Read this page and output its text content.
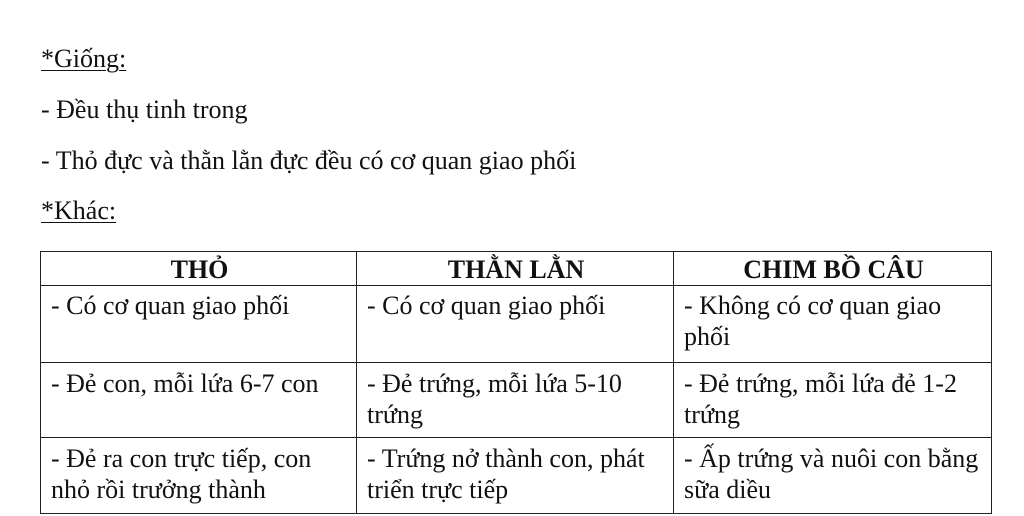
*Giống:
- Đều thụ tinh trong
- Thỏ đực và thằn lằn đực đều có cơ quan giao phối
*Khác:
THỎ	THẰN LẰN	CHIM BỒ CÂU
- Có cơ quan giao phối	- Có cơ quan giao phối	- Không có cơ quan giao phối
- Đẻ con, mỗi lứa 6-7 con	- Đẻ trứng, mỗi lứa 5-10 trứng	- Đẻ trứng, mỗi lứa đẻ 1-2 trứng
- Đẻ ra con trực tiếp, con nhỏ rồi trưởng thành	- Trứng nở thành con, phát triển trực tiếp	- Ấp trứng và nuôi con bằng sữa diều
